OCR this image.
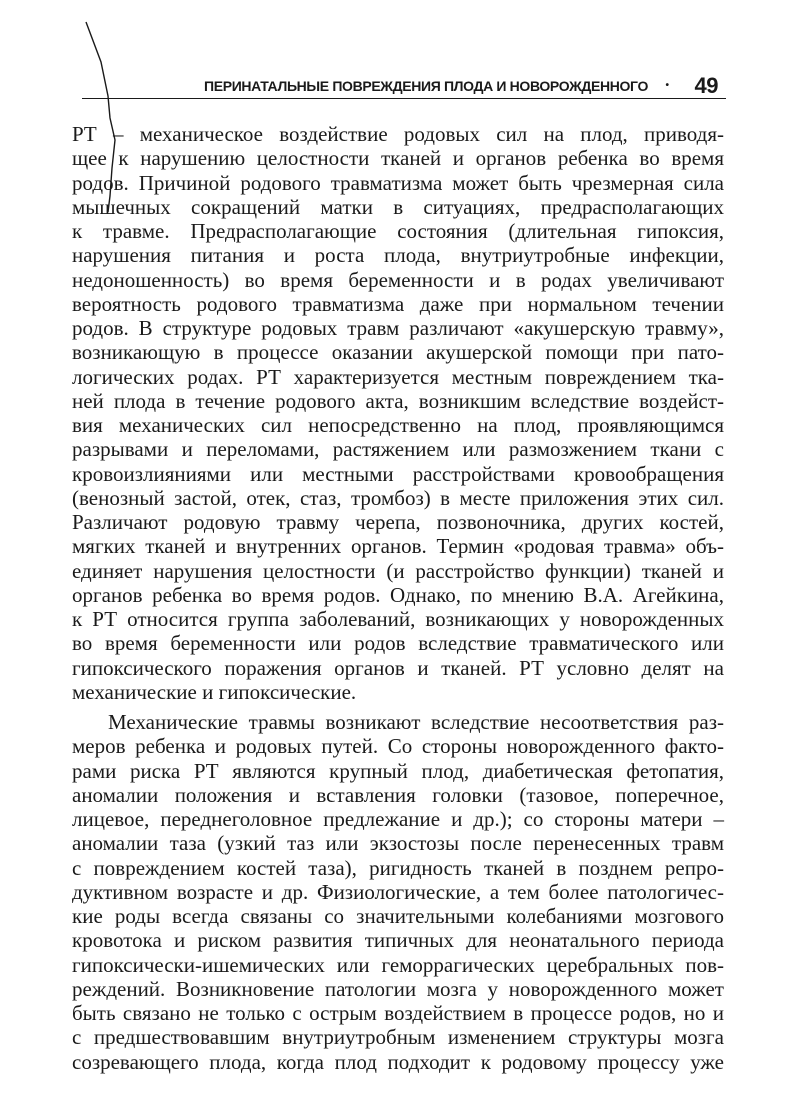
ПЕРИНАТАЛЬНЫЕ ПОВРЕЖДЕНИЯ ПЛОДА И НОВОРОЖДЕННОГО • 49
РТ – механическое воздействие родовых сил на плод, приводя-
щее к нарушению целостности тканей и органов ребенка во время
родов. Причиной родового травматизма может быть чрезмерная сила
мышечных сокращений матки в ситуациях, предрасполагающих
к травме. Предрасполагающие состояния (длительная гипоксия,
нарушения питания и роста плода, внутриутробные инфекции,
недоношенность) во время беременности и в родах увеличивают
вероятность родового травматизма даже при нормальном течении
родов. В структуре родовых травм различают «акушерскую травму»,
возникающую в процессе оказании акушерской помощи при пато-
логических родах. РТ характеризуется местным повреждением тка-
ней плода в течение родового акта, возникшим вследствие воздейст-
вия механических сил непосредственно на плод, проявляющимся
разрывами и переломами, растяжением или размозжением ткани с
кровоизлияниями или местными расстройствами кровообращения
(венозный застой, отек, стаз, тромбоз) в месте приложения этих сил.
Различают родовую травму черепа, позвоночника, других костей,
мягких тканей и внутренних органов. Термин «родовая травма» объ-
единяет нарушения целостности (и расстройство функции) тканей и
органов ребенка во время родов. Однако, по мнению В.А. Агейкина,
к РТ относится группа заболеваний, возникающих у новорожденных
во время беременности или родов вследствие травматического или
гипоксического поражения органов и тканей. РТ условно делят на
механические и гипоксические.
Механические травмы возникают вследствие несоответствия раз-
меров ребенка и родовых путей. Со стороны новорожденного факто-
рами риска РТ являются крупный плод, диабетическая фетопатия,
аномалии положения и вставления головки (тазовое, поперечное,
лицевое, переднеголовное предлежание и др.); со стороны матери –
аномалии таза (узкий таз или экзостозы после перенесенных травм
с повреждением костей таза), ригидность тканей в позднем репро-
дуктивном возрасте и др. Физиологические, а тем более патологичес-
кие роды всегда связаны со значительными колебаниями мозгового
кровотока и риском развития типичных для неонатального периода
гипоксически-ишемических или геморрагических церебральных пов-
реждений. Возникновение патологии мозга у новорожденного может
быть связано не только с острым воздействием в процессе родов, но и
с предшествовавшим внутриутробным изменением структуры мозга
созревающего плода, когда плод подходит к родовому процессу уже
